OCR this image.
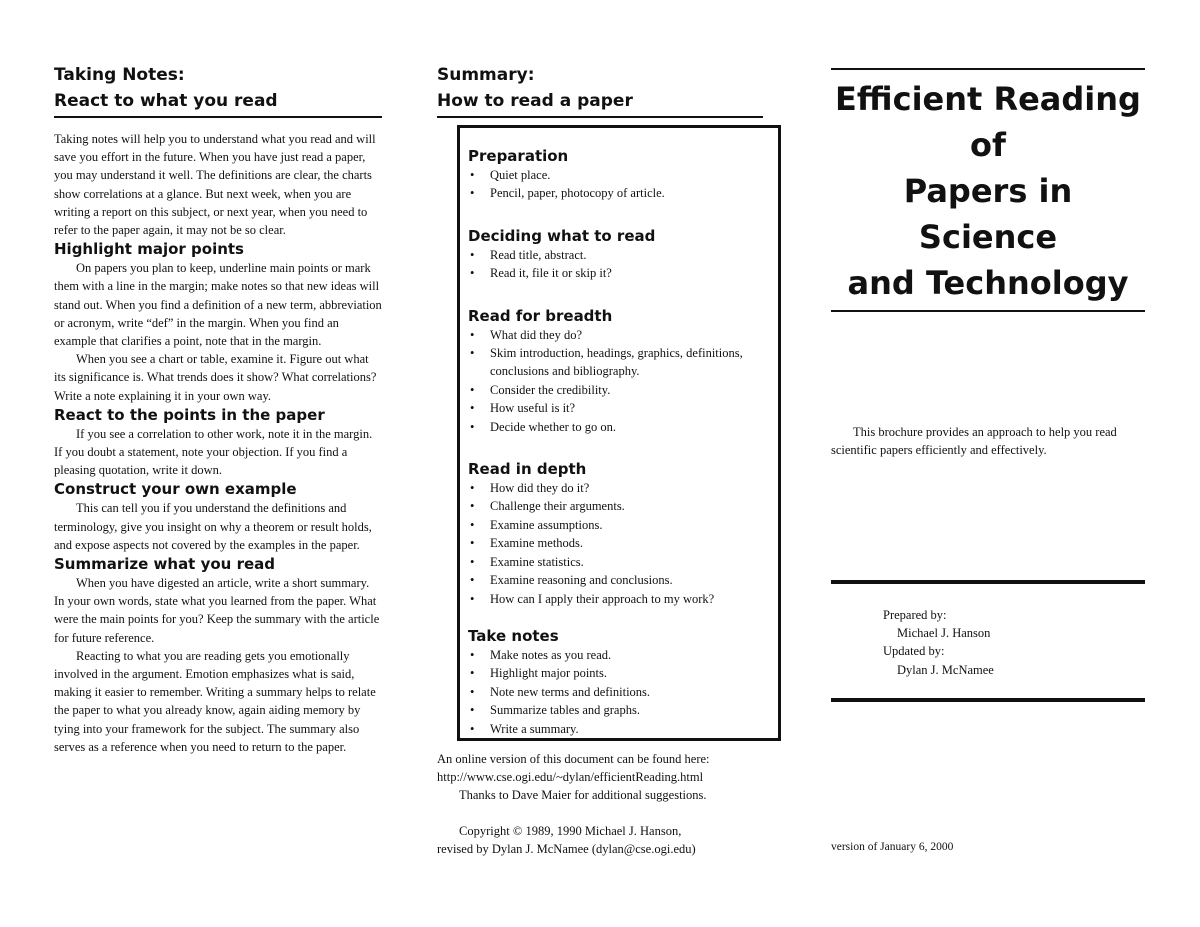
Taking Notes:

React to what you read

Taking notes will help you to understand what you read and will save you effort in the future. When you have just read a paper, you may understand it well. The definitions are clear, the charts show correlations at a glance. But next week, when you are writing a report on this subject, or next year, when you need to refer to the paper again, it may not be so clear.

Highlight major points

On papers you plan to keep, underline main points or mark them with a line in the margin; make notes so that new ideas will stand out. When you find a definition of a new term, abbreviation or acronym, write “def” in the margin. When you find an example that clarifies a point, note that in the margin.

When you see a chart or table, examine it. Figure out what its significance is. What trends does it show? What correlations? Write a note explaining it in your own way.

React to the points in the paper

If you see a correlation to other work, note it in the margin. If you doubt a statement, note your objection. If you find a pleasing quotation, write it down.

Construct your own example

This can tell you if you understand the definitions and terminology, give you insight on why a theorem or result holds, and expose aspects not covered by the examples in the paper.

Summarize what you read

When you have digested an article, write a short summary. In your own words, state what you learned from the paper. What were the main points for you? Keep the summary with the article for future reference.

Reacting to what you are reading gets you emotionally involved in the argument. Emotion emphasizes what is said, making it easier to remember. Writing a summary helps to relate the paper to what you already know, again aiding memory by tying into your framework for the subject. The summary also serves as a reference when you need to return to the paper.

Summary:

How to read a paper

Preparation

• Quiet place.
• Pencil, paper, photocopy of article.

Deciding what to read

• Read title, abstract.
• Read it, file it or skip it?

Read for breadth

• What did they do?
• Skim introduction, headings, graphics, definitions, conclusions and bibliography.
• Consider the credibility.
• How useful is it?
• Decide whether to go on.

Read in depth

• How did they do it?
• Challenge their arguments.
• Examine assumptions.
• Examine methods.
• Examine statistics.
• Examine reasoning and conclusions.
• How can I apply their approach to my work?

Take notes

• Make notes as you read.
• Highlight major points.
• Note new terms and definitions.
• Summarize tables and graphs.
• Write a summary.

An online version of this document can be found here:

http://www.cse.ogi.edu/~dylan/efficientReading.html

Thanks to Dave Maier for additional suggestions.

Copyright © 1989, 1990 Michael J. Hanson,

revised by Dylan J. McNamee (dylan@cse.ogi.edu)

Efficient Reading of

Papers in Science

and Technology

This brochure provides an approach to help you read scientific papers efficiently and effectively.

Prepared by:

Michael J. Hanson

Updated by:

Dylan J. McNamee

version of January 6, 2000
